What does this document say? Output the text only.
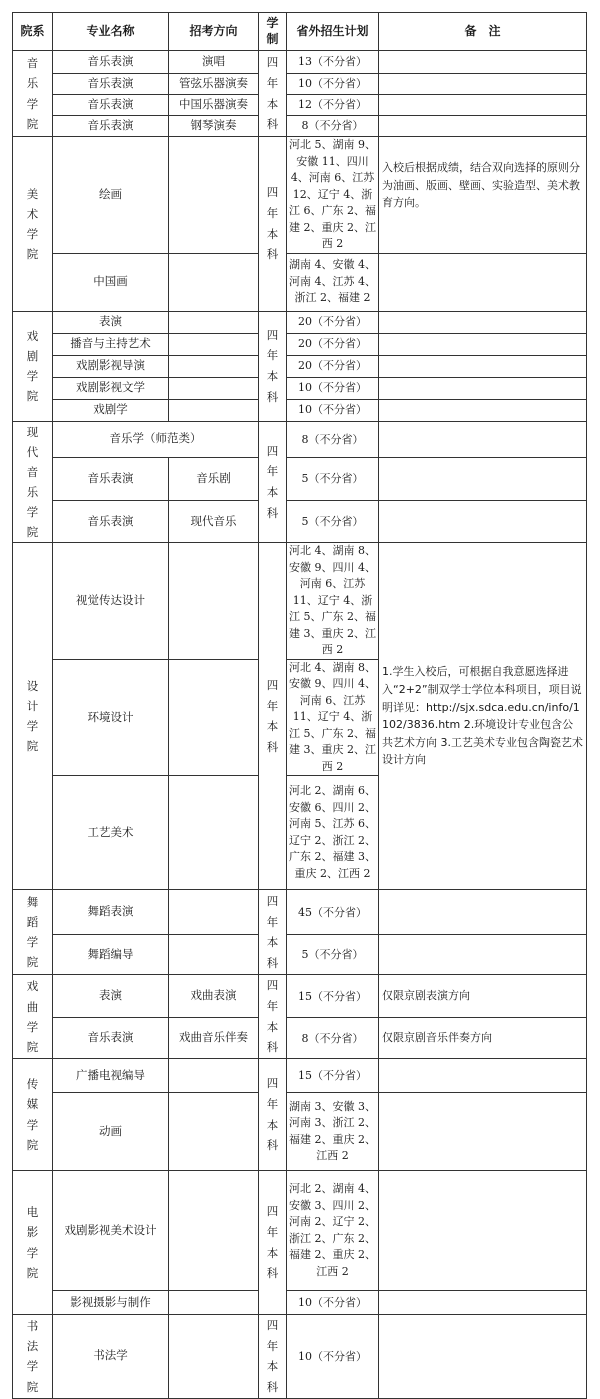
院系	专业名称	招考方向	学制	省外招生计划	备　注

音乐学院	音乐表演	演唱	四年本科	13（不分省）	
	音乐表演	管弦乐器演奏		10（不分省）	
	音乐表演	中国乐器演奏		12（不分省）	
	音乐表演	钢琴演奏		8（不分省）	

美术学院	绘画		四年本科	河北 5、湖南 9、安徽 11、四川 4、河南 6、江苏 12、辽宁 4、浙江 6、广东 2、福建 2、重庆 2、江西 2	入校后根据成绩，结合双向选择的原则分为油画、版画、壁画、实验造型、美术教育方向。
	中国画			湖南 4、安徽 4、河南 4、江苏 4、浙江 2、福建 2	

戏剧学院	表演		四年本科	20（不分省）	
	播音与主持艺术			20（不分省）	
	戏剧影视导演			20（不分省）	
	戏剧影视文学			10（不分省）	
	戏剧学			10（不分省）	

现代音乐学院	音乐学（师范类）		四年本科	8（不分省）	
	音乐表演	音乐剧		5（不分省）	
	音乐表演	现代音乐		5（不分省）	

设计学院	视觉传达设计		四年本科	河北 4、湖南 8、安徽 9、四川 4、河南 6、江苏 11、辽宁 4、浙江 5、广东 2、福建 3、重庆 2、江西 2	1.学生入校后，可根据自我意愿选择进入“2+2”制双学士学位本科项目，项目说明详见：http://sjx.sdca.edu.cn/info/1102/3836.htm 2.环境设计专业包含公共艺术方向 3.工艺美术专业包含陶瓷艺术设计方向
	环境设计			河北 4、湖南 8、安徽 9、四川 4、河南 6、江苏 11、辽宁 4、浙江 5、广东 2、福建 3、重庆 2、江西 2	
	工艺美术			河北 2、湖南 6、安徽 6、四川 2、河南 5、江苏 6、辽宁 2、浙江 2、广东 2、福建 3、重庆 2、江西 2	

舞蹈学院	舞蹈表演		四年本科	45（不分省）	
	舞蹈编导			5（不分省）	

戏曲学院	表演	戏曲表演	四年本科	15（不分省）	仅限京剧表演方向
	音乐表演	戏曲音乐伴奏		8（不分省）	仅限京剧音乐伴奏方向

传媒学院	广播电视编导		四年本科	15（不分省）	
	动画			湖南 3、安徽 3、河南 3、浙江 2、福建 2、重庆 2、江西 2	

电影学院	戏剧影视美术设计		四年本科	河北 2、湖南 4、安徽 3、四川 2、河南 2、辽宁 2、浙江 2、广东 2、福建 2、重庆 2、江西 2	
	影视摄影与制作			10（不分省）	

书法学院	书法学		四年本科	10（不分省）	
